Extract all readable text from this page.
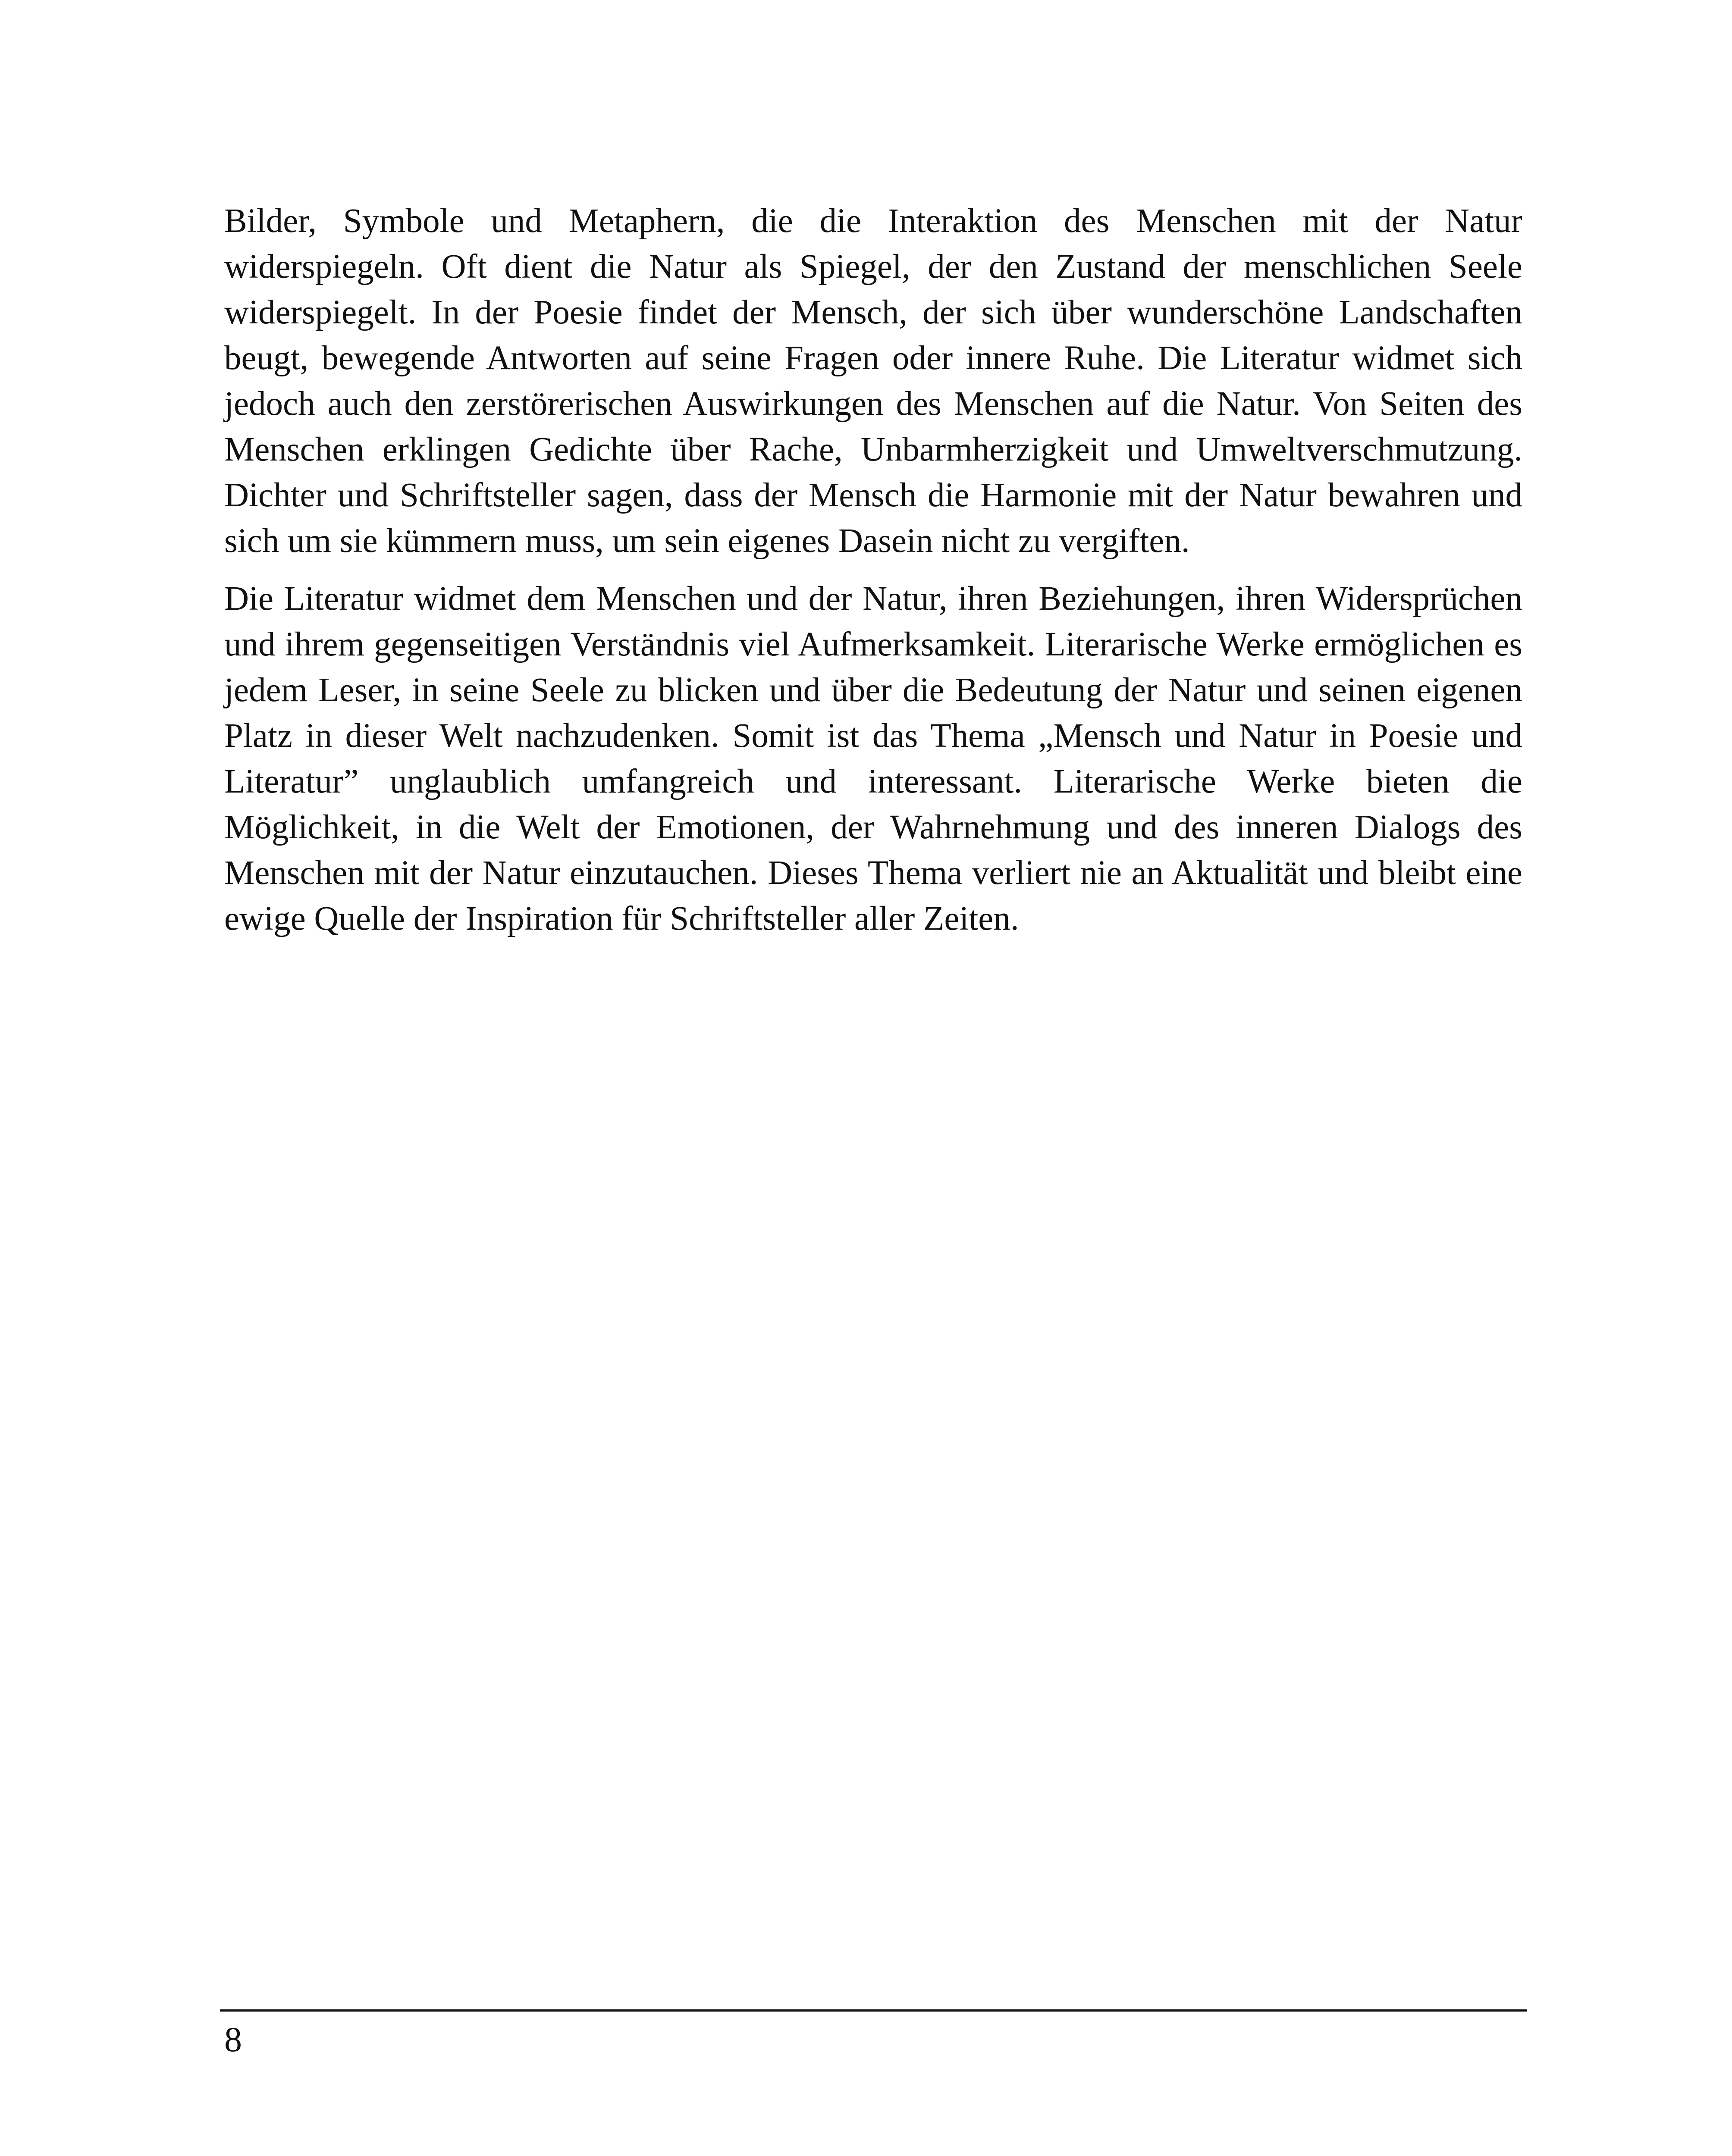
Bilder, Symbole und Metaphern, die die Interaktion des Menschen mit der Natur widerspiegeln. Oft dient die Natur als Spiegel, der den Zustand der menschlichen Seele widerspiegelt. In der Poesie findet der Mensch, der sich über wunderschöne Landschaften beugt, bewegende Antworten auf seine Fragen oder innere Ruhe. Die Literatur widmet sich jedoch auch den zerstörerischen Auswirkungen des Menschen auf die Natur. Von Seiten des Menschen erklingen Gedichte über Rache, Unbarmherzigkeit und Umweltverschmutzung. Dichter und Schriftsteller sagen, dass der Mensch die Harmonie mit der Natur bewahren und sich um sie kümmern muss, um sein eigenes Dasein nicht zu vergiften.

Die Literatur widmet dem Menschen und der Natur, ihren Beziehungen, ihren Widersprüchen und ihrem gegenseitigen Verständnis viel Aufmerksamkeit. Literarische Werke ermöglichen es jedem Leser, in seine Seele zu blicken und über die Bedeutung der Natur und seinen eigenen Platz in dieser Welt nachzudenken. Somit ist das Thema „Mensch und Natur in Poesie und Literatur” unglaublich umfangreich und interessant. Literarische Werke bieten die Möglichkeit, in die Welt der Emotionen, der Wahrnehmung und des inneren Dialogs des Menschen mit der Natur einzutauchen. Dieses Thema verliert nie an Aktualität und bleibt eine ewige Quelle der Inspiration für Schriftsteller aller Zeiten.

8
